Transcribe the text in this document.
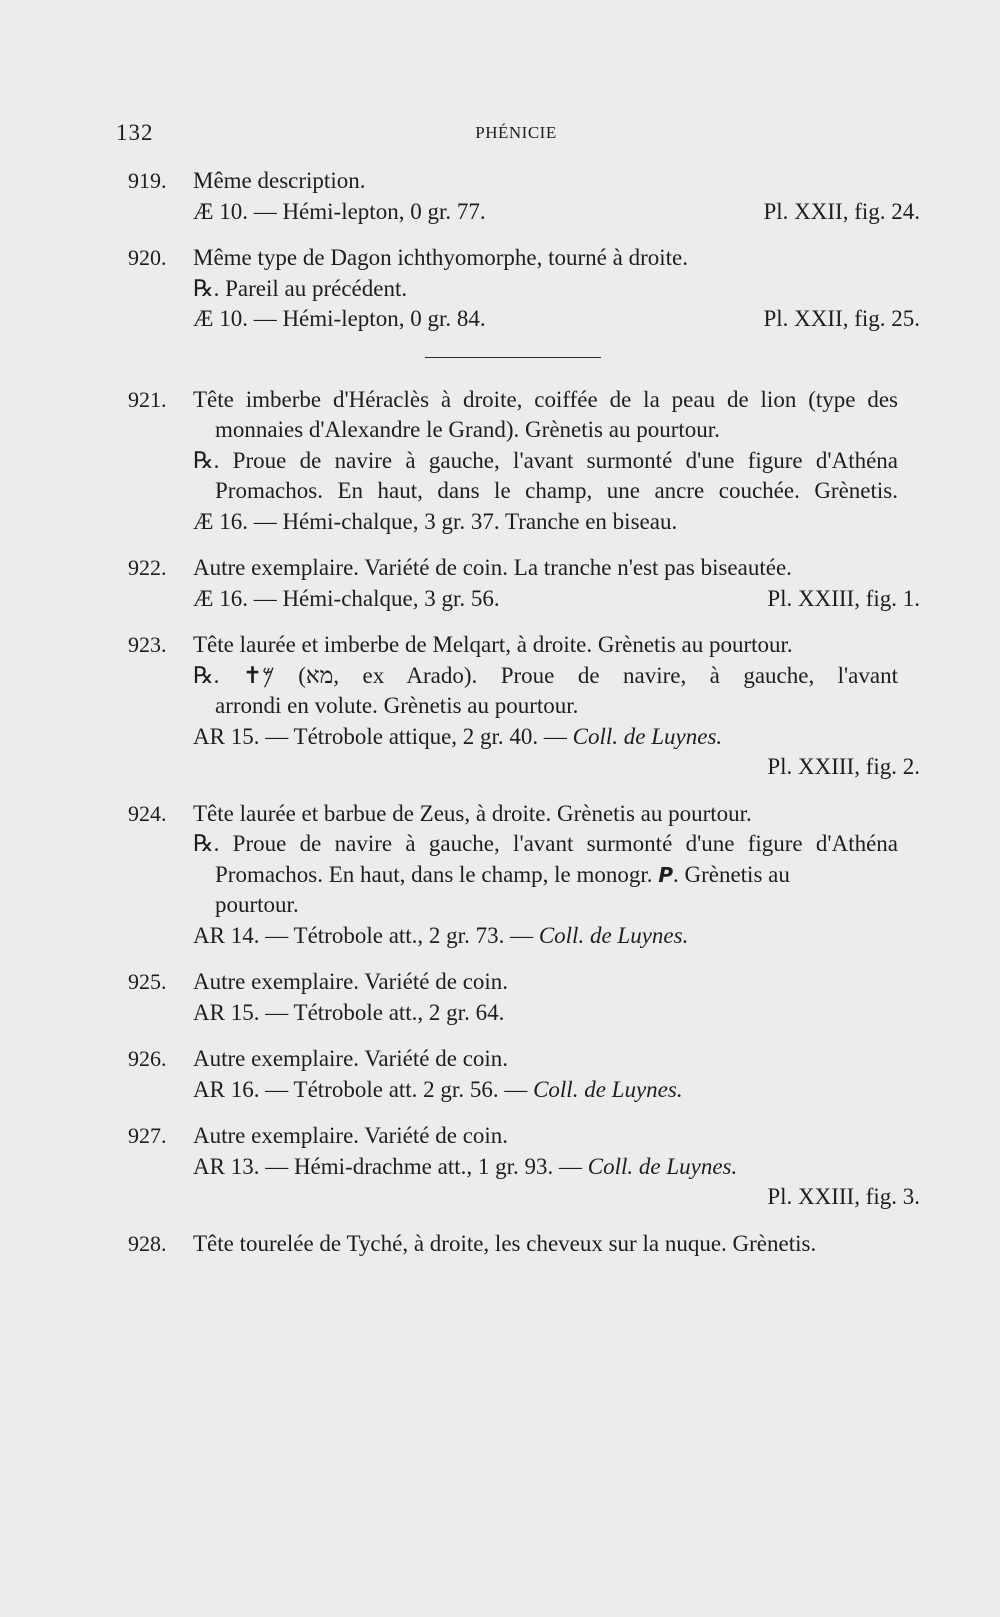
132	PHÉNICIE
919. Même description.
Æ 10. — Hémi-lepton, 0 gr. 77.	Pl. XXII, fig. 24.
920. Même type de Dagon ichthyomorphe, tourné à droite.
℞. Pareil au précédent.
Æ 10. — Hémi-lepton, 0 gr. 84.	Pl. XXII, fig. 25.
921. Tête imberbe d'Héraclès à droite, coiffée de la peau de lion (type des
monnaies d'Alexandre le Grand). Grènetis au pourtour.
℞. Proue de navire à gauche, l'avant surmonté d'une figure d'Athéna
Promachos. En haut, dans le champ, une ancre couchée. Grènetis.
Æ 16. — Hémi-chalque, 3 gr. 37. Tranche en biseau.
922. Autre exemplaire. Variété de coin. La tranche n'est pas biseautée.
Æ 16. — Hémi-chalque, 3 gr. 56.	Pl. XXIII, fig. 1.
923. Tête laurée et imberbe de Melqart, à droite. Grènetis au pourtour.
℞. ✝𐤌 (מא, ex Arado). Proue de navire, à gauche, l'avant
arrondi en volute. Grènetis au pourtour.
AR 15. — Tétrobole attique, 2 gr. 40. — Coll. de Luynes.
Pl. XXIII, fig. 2.
924. Tête laurée et barbue de Zeus, à droite. Grènetis au pourtour.
℞. Proue de navire à gauche, l'avant surmonté d'une figure d'Athéna
Promachos. En haut, dans le champ, le monogr. P. Grènetis au
pourtour.
AR 14. — Tétrobole att., 2 gr. 73. — Coll. de Luynes.
925. Autre exemplaire. Variété de coin.
AR 15. — Tétrobole att., 2 gr. 64.
926. Autre exemplaire. Variété de coin.
AR 16. — Tétrobole att. 2 gr. 56. — Coll. de Luynes.
927. Autre exemplaire. Variété de coin.
AR 13. — Hémi-drachme att., 1 gr. 93. — Coll. de Luynes.
Pl. XXIII, fig. 3.
928. Tête tourelée de Tyché, à droite, les cheveux sur la nuque. Grènetis.
